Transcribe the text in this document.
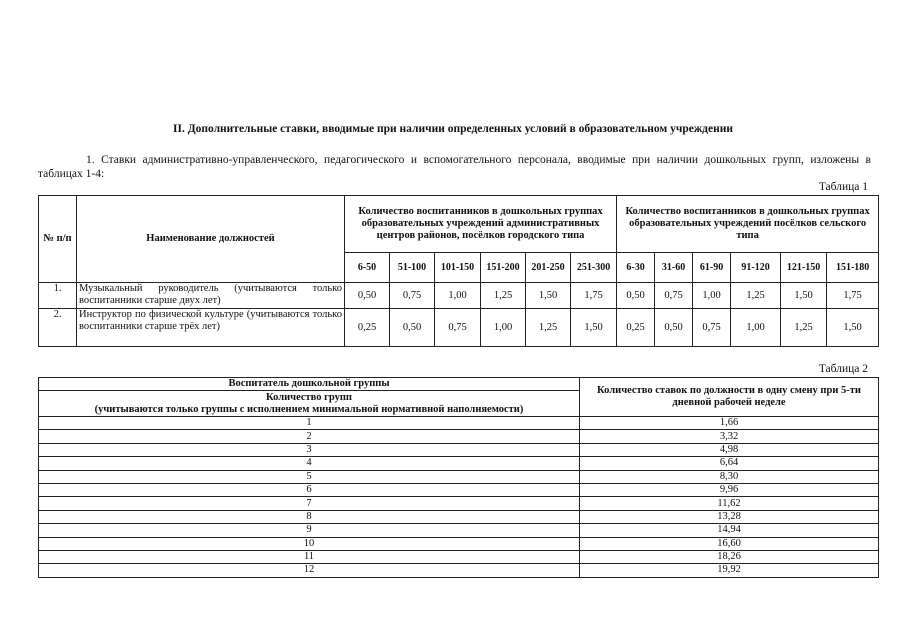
II. Дополнительные ставки, вводимые при наличии определенных условий в образовательном учреждении
1. Ставки административно-управленческого, педагогического и вспомогательного персонала, вводимые при наличии дошкольных групп, изложены в таблицах 1-4:
Таблица 1
№ п/п	Наименование должностей	Количество воспитанников в дошкольных группах образовательных учреждений административных центров районов, посёлков городского типа						Количество воспитанников в дошкольных группах образовательных учреждений посёлков сельского типа					
		6-50	51-100	101-150	151-200	201-250	251-300	6-30	31-60	61-90	91-120	121-150	151-180
1.	Музыкальный руководитель (учитываются только воспитанники старше двух лет)	0,50	0,75	1,00	1,25	1,50	1,75	0,50	0,75	1,00	1,25	1,50	1,75
2.	Инструктор по физической культуре (учитываются только воспитанники старше трёх лет)	0,25	0,50	0,75	1,00	1,25	1,50	0,25	0,50	0,75	1,00	1,25	1,50
Таблица 2
Воспитатель дошкольной группы	Количество ставок по должности в одну смену при 5-ти дневной рабочей неделе
Количество групп
(учитываются только группы с исполнением минимальной нормативной наполняемости)	
1	1,66
2	3,32
3	4,98
4	6,64
5	8,30
6	9,96
7	11,62
8	13,28
9	14,94
10	16,60
11	18,26
12	19,92
